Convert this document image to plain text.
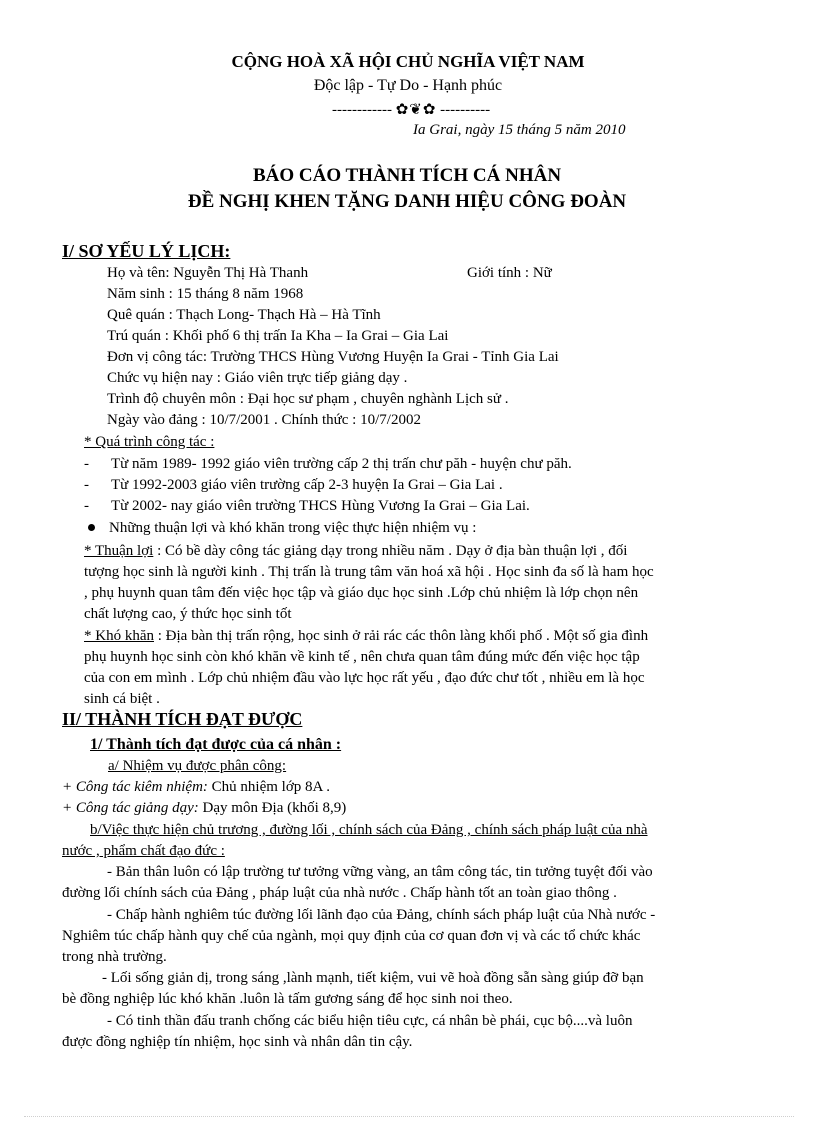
CỘNG HOÀ XÃ HỘI CHỦ NGHĨA VIỆT NAM
Độc lập - Tự Do - Hạnh phúc
------------ ✿❦✿ ----------
Ia Grai, ngày 15 tháng 5 năm 2010
BÁO CÁO THÀNH TÍCH CÁ NHÂN
ĐỀ NGHỊ KHEN TẶNG DANH HIỆU CÔNG ĐOÀN
I/ SƠ YẾU LÝ LỊCH:
Họ và tên: Nguyễn Thị Hà Thanh	Giới tính : Nữ
Năm sinh : 15 tháng 8 năm 1968
Quê quán : Thạch Long- Thạch Hà – Hà Tĩnh
Trú quán : Khối phố 6 thị trấn Ia Kha – Ia Grai – Gia Lai
Đơn vị công tác: Trường THCS Hùng Vương Huyện Ia Grai - Tỉnh Gia Lai
Chức vụ hiện nay : Giáo viên trực tiếp giảng dạy .
Trình độ chuyên môn : Đại học sư phạm , chuyên nghành Lịch sử .
Ngày vào đảng : 10/7/2001 . Chính thức : 10/7/2002
* Quá trình công tác :
- Từ năm 1989- 1992 giáo viên trường cấp 2 thị trấn chư păh - huyện chư păh.
- Từ 1992-2003 giáo viên trường cấp 2-3 huyện Ia Grai – Gia Lai .
- Từ 2002- nay giáo viên trường THCS Hùng Vương Ia Grai – Gia Lai.
Những thuận lợi và khó khăn trong việc thực hiện nhiệm vụ :
* Thuận lợi : Có bề dày công tác giảng dạy trong nhiều năm . Dạy ở địa bàn thuận lợi , đối
tượng học sinh là người kinh . Thị trấn là trung tâm văn hoá xã hội . Học sinh đa số là ham học
, phụ huynh quan tâm đến việc học tập và giáo dục học sinh .Lớp chủ nhiệm là lớp chọn nên
chất lượng cao, ý thức học sinh tốt
* Khó khăn : Địa bàn thị trấn rộng, học sinh ở rải rác các thôn làng khối phố . Một số gia đình
phụ huynh học sinh còn khó khăn về kinh tế , nên chưa quan tâm đúng mức đến việc học tập
của con em mình . Lớp chủ nhiệm đầu vào lực học rất yếu , đạo đức chư tốt , nhiều em là học
sinh cá biệt .
II/ THÀNH TÍCH ĐẠT ĐƯỢC
1/ Thành tích đạt được của cá nhân :
a/ Nhiệm vụ được phân công:
+ Công tác kiêm nhiệm: Chủ nhiệm lớp 8A .
+ Công tác giảng dạy: Dạy môn Địa (khối 8,9)
b/Việc thực hiện chủ trương , đường lối , chính sách của Đảng , chính sách pháp luật của nhà
nước , phẩm chất đạo đức :
- Bản thân luôn có lập trường tư tưởng vững vàng, an tâm công tác, tin tưởng tuyệt đối vào
đường lối chính sách của Đảng , pháp luật của nhà nước . Chấp hành tốt an toàn giao thông .
- Chấp hành nghiêm túc đường lối lãnh đạo của Đảng, chính sách pháp luật của Nhà nước -
Nghiêm túc chấp hành quy chế của ngành, mọi quy định của cơ quan đơn vị và các tổ chức khác
trong nhà trường.
- Lối sống giản dị, trong sáng ,lành mạnh, tiết kiệm, vui vẽ hoà đồng sẵn sàng giúp đỡ bạn
bè đồng nghiệp lúc khó khăn .luôn là tấm gương sáng để học sinh noi theo.
- Có tinh thần đấu tranh chống các biểu hiện tiêu cực, cá nhân bè phái, cục bộ....và luôn
được đồng nghiệp tín nhiệm, học sinh và nhân dân tin cậy.
